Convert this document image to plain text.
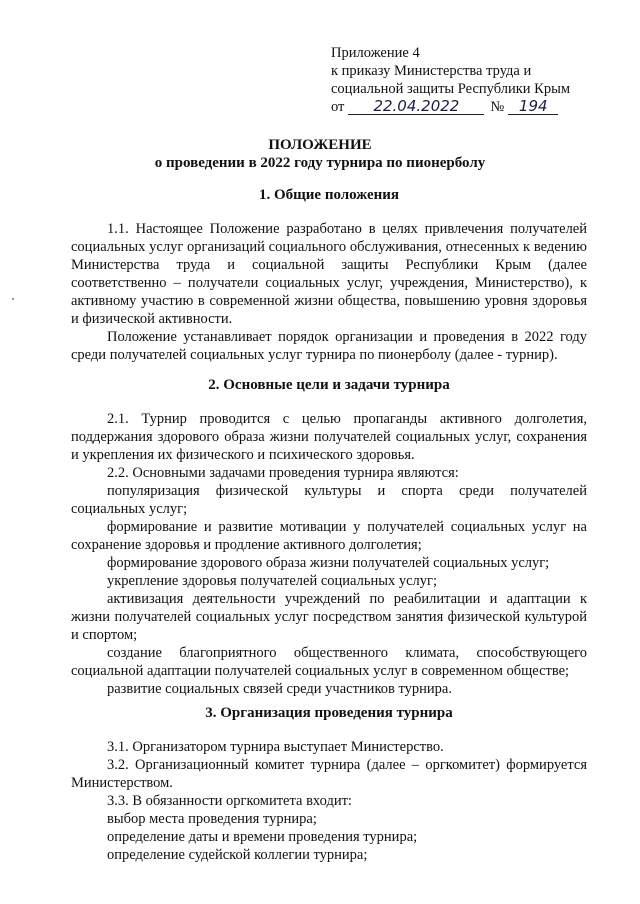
Приложение 4
к приказу Министерства труда и
социальной защиты Республики Крым
от	22.04.2022	№ 194
ПОЛОЖЕНИЕ
о проведении в 2022 году турнира по пионерболу

1. Общие положения

1.1. Настоящее Положение разработано в целях привлечения получателей социальных услуг организаций социального обслуживания, отнесенных к ведению Министерства труда и социальной защиты Республики Крым (далее соответственно – получатели социальных услуг, учреждения, Министерство), к активному участию в современной жизни общества, повышению уровня здоровья и физической активности.

Положение устанавливает порядок организации и проведения в 2022 году среди получателей социальных услуг турнира по пионерболу (далее - турнир).

2. Основные цели и задачи турнира

2.1. Турнир проводится с целью пропаганды активного долголетия, поддержания здорового образа жизни получателей социальных услуг, сохранения и укрепления их физического и психического здоровья.

2.2. Основными задачами проведения турнира являются:

популяризация физической культуры и спорта среди получателей социальных услуг;

формирование и развитие мотивации у получателей социальных услуг на сохранение здоровья и продление активного долголетия;

формирование здорового образа жизни получателей социальных услуг;

укрепление здоровья получателей социальных услуг;

активизация деятельности учреждений по реабилитации и адаптации к жизни получателей социальных услуг посредством занятия физической культурой и спортом;

создание благоприятного общественного климата, способствующего социальной адаптации получателей социальных услуг в современном обществе;

развитие социальных связей среди участников турнира.

3. Организация проведения турнира

3.1. Организатором турнира выступает Министерство.

3.2. Организационный комитет турнира (далее – оргкомитет) формируется Министерством.

3.3. В обязанности оргкомитета входит:

выбор места проведения турнира;

определение даты и времени проведения турнира;

определение судейской коллегии турнира;
